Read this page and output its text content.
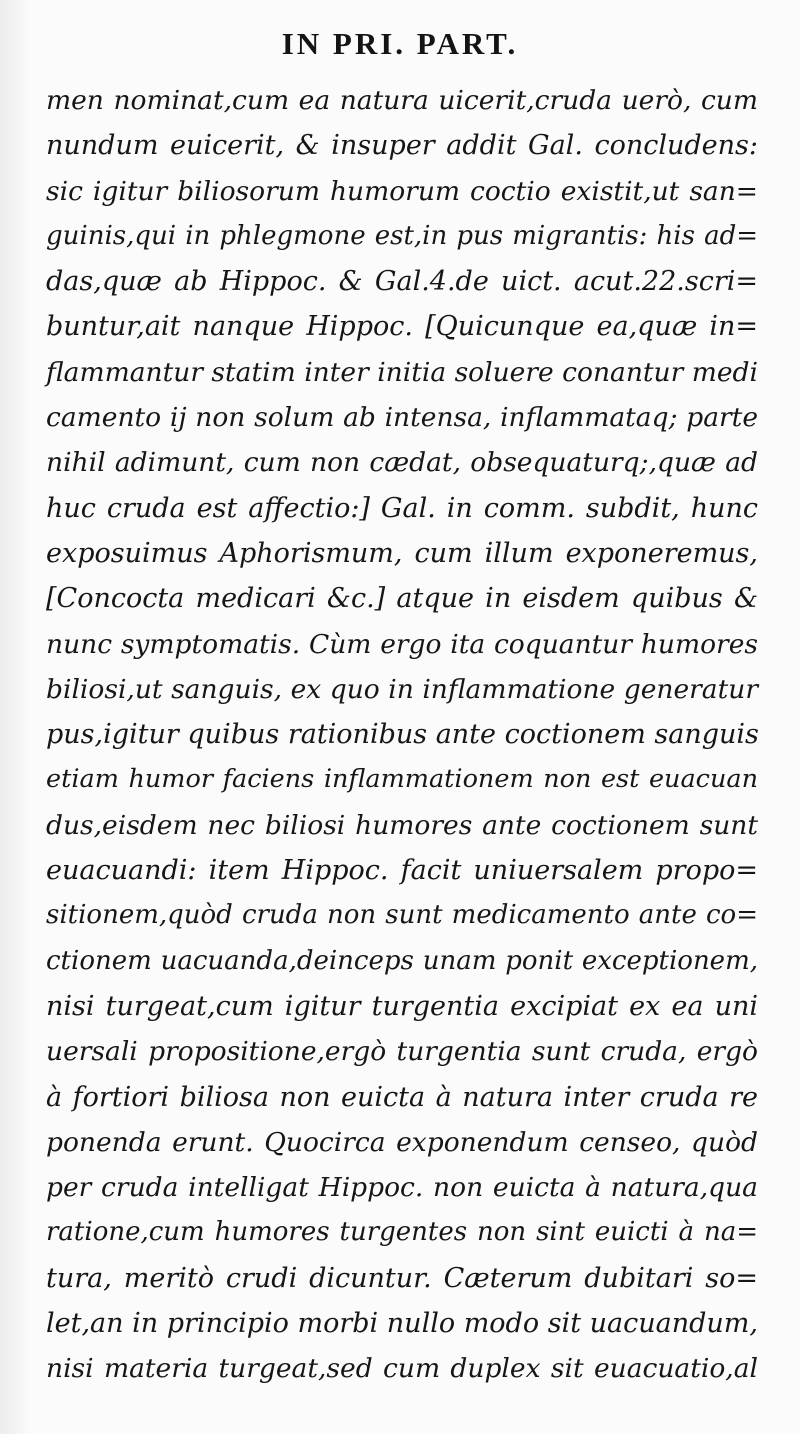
IN PRI. PART.
men nominat,cum ea natura uicerit,cruda uerò, cum
nundum euicerit, & insuper addit Gal. concludens:
sic igitur biliosorum humorum coctio existit,ut san=
guinis,qui in phlegmone est,in pus migrantis: his ad=
das,quæ ab Hippoc. & Gal.4.de uict. acut.22.scri=
buntur,ait nanque Hippoc. [Quicunque ea,quæ in=
flammantur statim inter initia soluere conantur medi
camento ij non solum ab intensa, inflammataq; parte
nihil adimunt, cum non cædat, obsequaturq;,quæ ad
huc cruda est affectio:] Gal. in comm. subdit, hunc
exposuimus Aphorismum, cum illum exponeremus,
[Concocta medicari &c.] atque in eisdem quibus &
nunc symptomatis. Cùm ergo ita coquantur humores
biliosi,ut sanguis, ex quo in inflammatione generatur
pus,igitur quibus rationibus ante coctionem sanguis
etiam humor faciens inflammationem non est euacuan
dus,eisdem nec biliosi humores ante coctionem sunt
euacuandi: item Hippoc. facit uniuersalem propo=
sitionem,quòd cruda non sunt medicamento ante co=
ctionem uacuanda,deinceps unam ponit exceptionem,
nisi turgeat,cum igitur turgentia excipiat ex ea uni
uersali propositione,ergò turgentia sunt cruda, ergò
à fortiori biliosa non euicta à natura inter cruda re
ponenda erunt. Quocirca exponendum censeo, quòd
per cruda intelligat Hippoc. non euicta à natura,qua
ratione,cum humores turgentes non sint euicti à na=
tura, meritò crudi dicuntur. Cæterum dubitari so=
let,an in principio morbi nullo modo sit uacuandum,
nisi materia turgeat,sed cum duplex sit euacuatio,al
